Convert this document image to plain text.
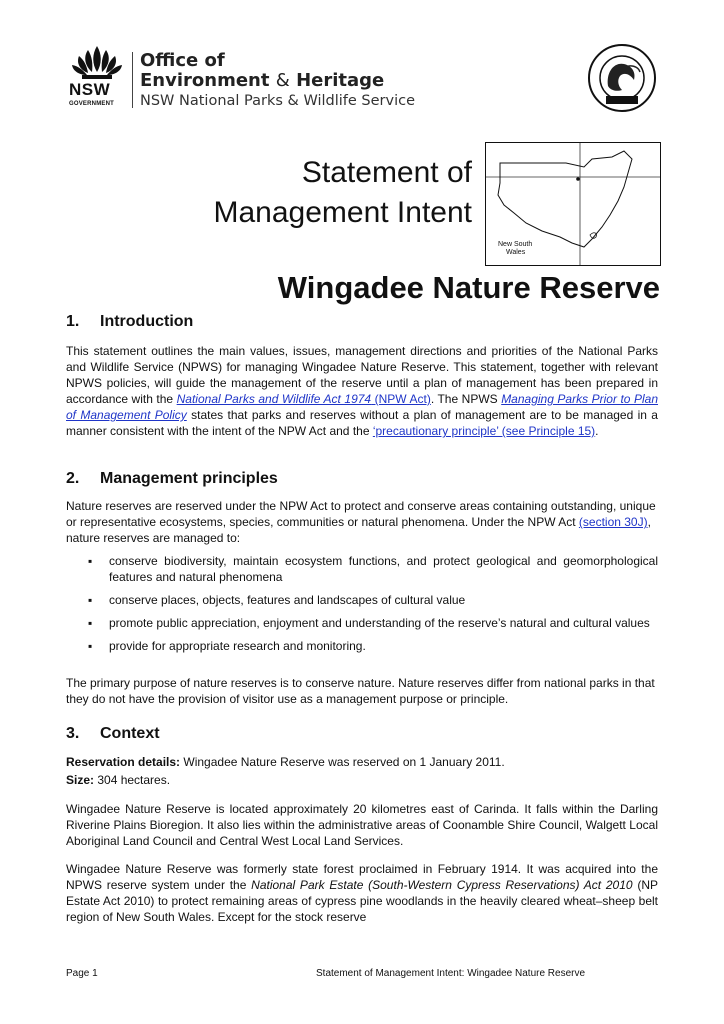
NSW
GOVERNMENT
Office of
Environment & Heritage
NSW National Parks & Wildlife Service
Statement of
Management Intent
New South
Wales
Wingadee Nature Reserve
1. Introduction

This statement outlines the main values, issues, management directions and priorities of the National Parks and Wildlife Service (NPWS) for managing Wingadee Nature Reserve. This statement, together with relevant NPWS policies, will guide the management of the reserve until a plan of management has been prepared in accordance with the National Parks and Wildlife Act 1974 (NPW Act). The NPWS Managing Parks Prior to Plan of Management Policy states that parks and reserves without a plan of management are to be managed in a manner consistent with the intent of the NPW Act and the ‘precautionary principle’ (see Principle 15).

2. Management principles

Nature reserves are reserved under the NPW Act to protect and conserve areas containing outstanding, unique or representative ecosystems, species, communities or natural phenomena. Under the NPW Act (section 30J), nature reserves are managed to:

▪ conserve biodiversity, maintain ecosystem functions, and protect geological and geomorphological features and natural phenomena
▪ conserve places, objects, features and landscapes of cultural value
▪ promote public appreciation, enjoyment and understanding of the reserve’s natural and cultural values
▪ provide for appropriate research and monitoring.

The primary purpose of nature reserves is to conserve nature. Nature reserves differ from national parks in that they do not have the provision of visitor use as a management purpose or principle.

3. Context

Reservation details: Wingadee Nature Reserve was reserved on 1 January 2011.

Size: 304 hectares.

Wingadee Nature Reserve is located approximately 20 kilometres east of Carinda. It falls within the Darling Riverine Plains Bioregion. It also lies within the administrative areas of Coonamble Shire Council, Walgett Local Aboriginal Land Council and Central West Local Land Services.

Wingadee Nature Reserve was formerly state forest proclaimed in February 1914. It was acquired into the NPWS reserve system under the National Park Estate (South-Western Cypress Reservations) Act 2010 (NP Estate Act 2010) to protect remaining areas of cypress pine woodlands in the heavily cleared wheat–sheep belt region of New South Wales. Except for the stock reserve

Page 1	Statement of Management Intent: Wingadee Nature Reserve
